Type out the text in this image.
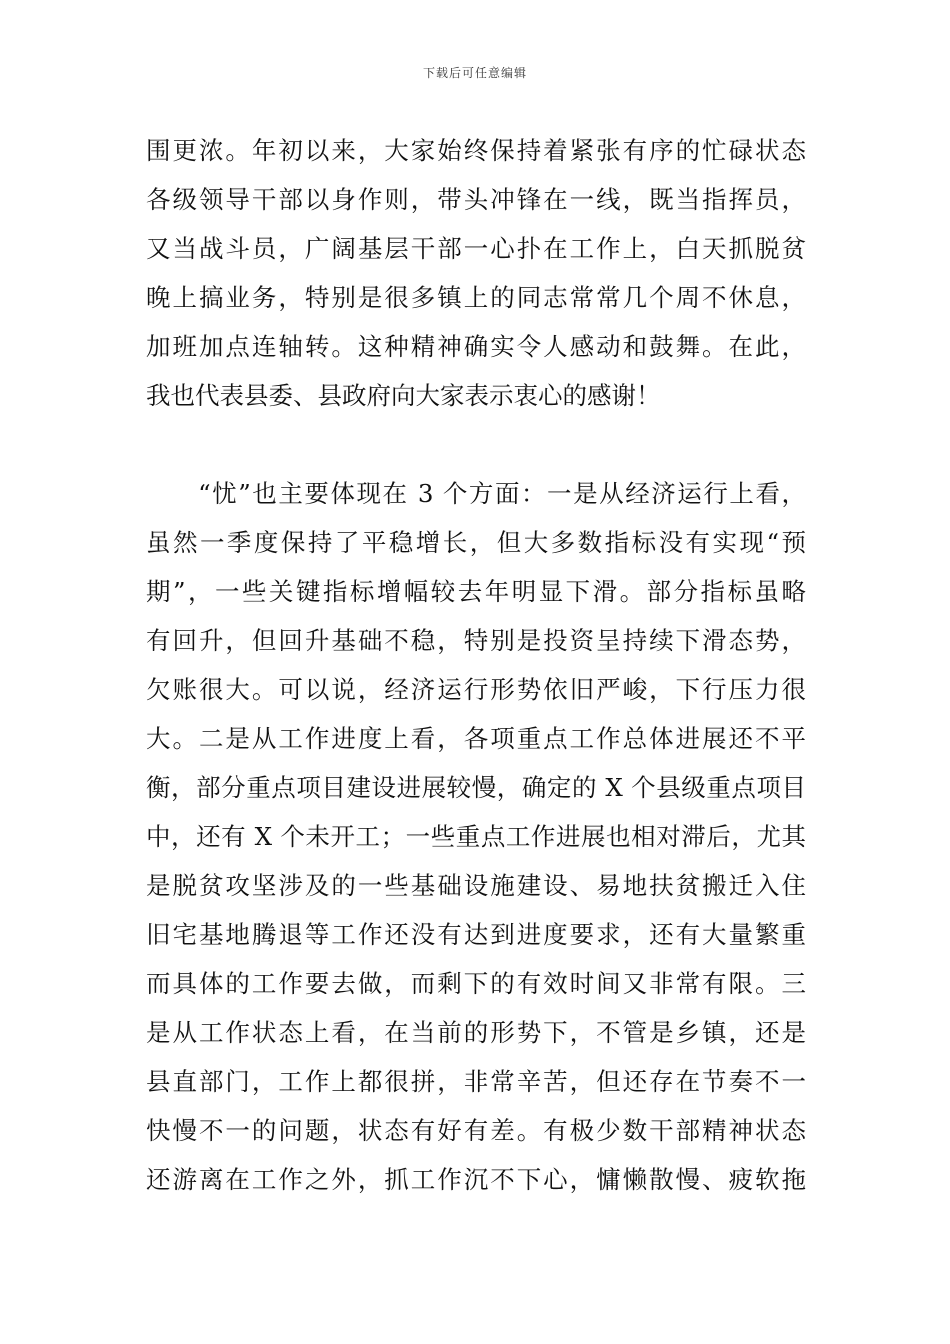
下载后可任意编辑
围更浓。年初以来，大家始终保持着紧张有序的忙碌状态
各级领导干部以身作则，带头冲锋在一线，既当指挥员，
又当战斗员，广阔基层干部一心扑在工作上，白天抓脱贫
晚上搞业务，特别是很多镇上的同志常常几个周不休息，
加班加点连轴转。这种精神确实令人感动和鼓舞。在此，
我也代表县委、县政府向大家表示衷心的感谢！
　　“忧”也主要体现在 3 个方面：一是从经济运行上看，
虽然一季度保持了平稳增长，但大多数指标没有实现“预
期”，一些关键指标增幅较去年明显下滑。部分指标虽略
有回升，但回升基础不稳，特别是投资呈持续下滑态势，
欠账很大。可以说，经济运行形势依旧严峻，下行压力很
大。二是从工作进度上看，各项重点工作总体进展还不平
衡，部分重点项目建设进展较慢，确定的 X 个县级重点项目
中，还有 X 个未开工；一些重点工作进展也相对滞后，尤其
是脱贫攻坚涉及的一些基础设施建设、易地扶贫搬迁入住
旧宅基地腾退等工作还没有达到进度要求，还有大量繁重
而具体的工作要去做，而剩下的有效时间又非常有限。三
是从工作状态上看，在当前的形势下，不管是乡镇，还是
县直部门，工作上都很拼，非常辛苦，但还存在节奏不一
快慢不一的问题，状态有好有差。有极少数干部精神状态
还游离在工作之外，抓工作沉不下心，慵懒散慢、疲软拖
